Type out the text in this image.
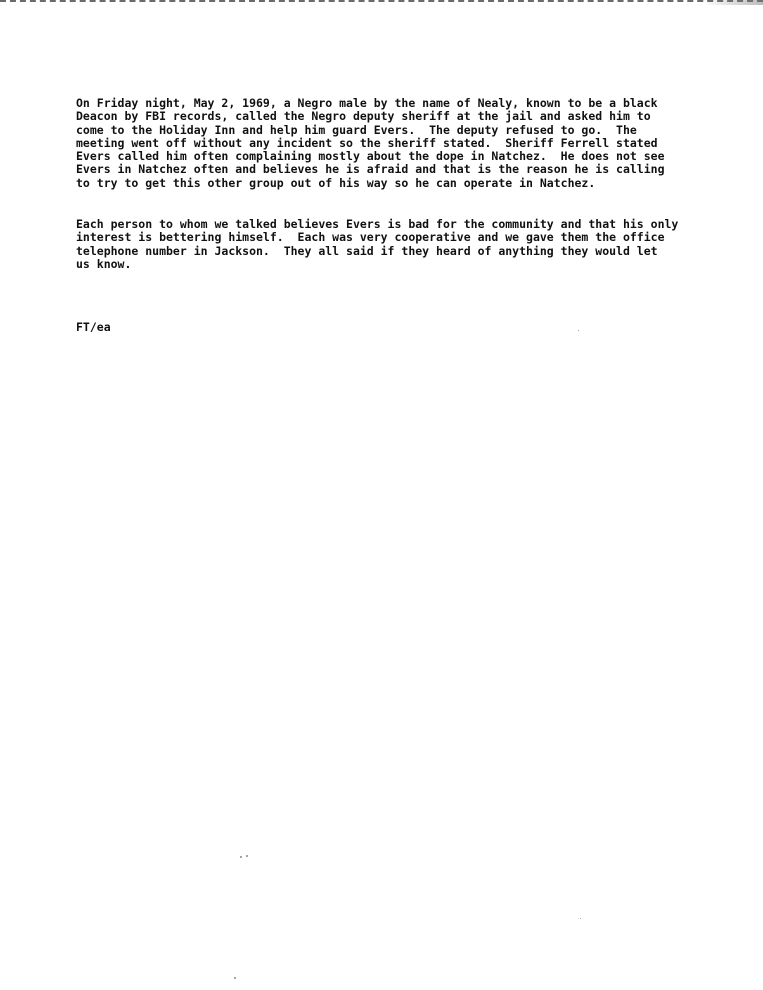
On Friday night, May 2, 1969, a Negro male by the name of Nealy, known to be a black
Deacon by FBI records, called the Negro deputy sheriff at the jail and asked him to
come to the Holiday Inn and help him guard Evers.  The deputy refused to go.  The
meeting went off without any incident so the sheriff stated.  Sheriff Ferrell stated
Evers called him often complaining mostly about the dope in Natchez.  He does not see
Evers in Natchez often and believes he is afraid and that is the reason he is calling
to try to get this other group out of his way so he can operate in Natchez.

Each person to whom we talked believes Evers is bad for the community and that his only
interest is bettering himself.  Each was very cooperative and we gave them the office
telephone number in Jackson.  They all said if they heard of anything they would let
us know.

FT/ea
